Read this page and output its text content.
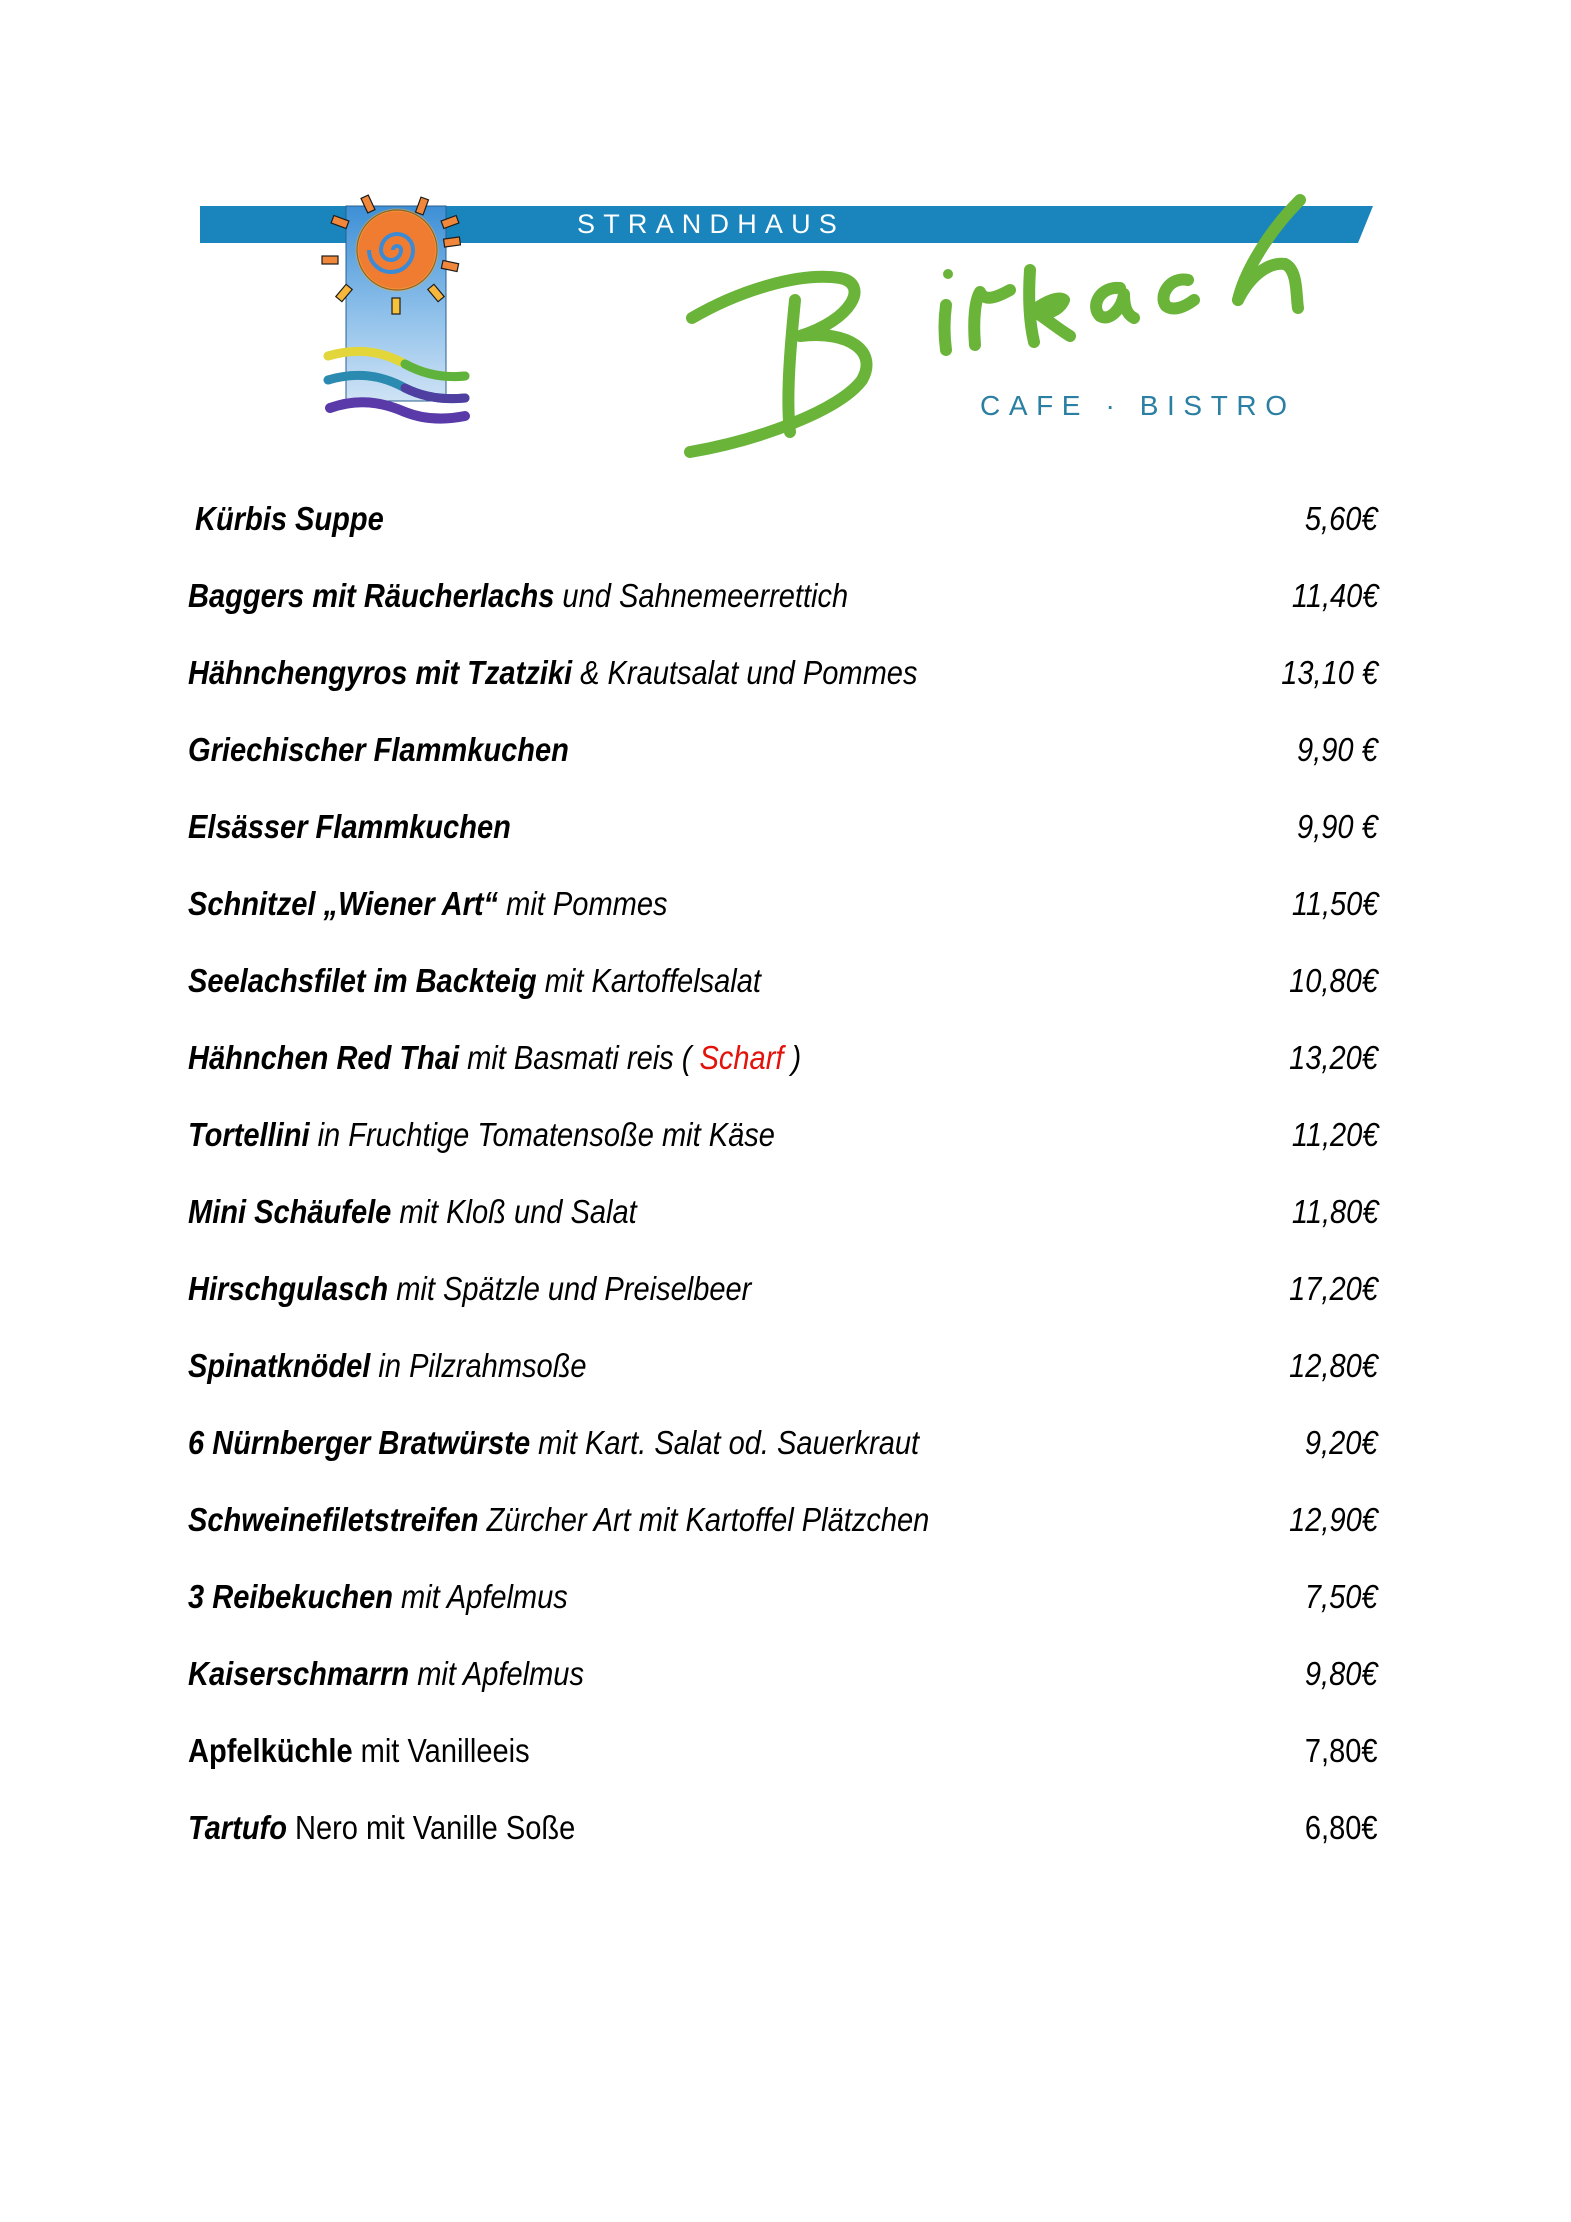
STRANDHAUS
CAFE · BISTRO
Kürbis Suppe	5,60€
Baggers mit Räucherlachs und Sahnemeerrettich	11,40€
Hähnchengyros mit Tzatziki & Krautsalat und Pommes	13,10 €
Griechischer Flammkuchen	9,90 €
Elsässer Flammkuchen	9,90 €
Schnitzel „Wiener Art“ mit Pommes	11,50€
Seelachsfilet im Backteig mit Kartoffelsalat	10,80€
Hähnchen Red Thai mit Basmati reis ( Scharf )	13,20€
Tortellini in Fruchtige Tomatensoße mit Käse	11,20€
Mini Schäufele mit Kloß und Salat	11,80€
Hirschgulasch mit Spätzle und Preiselbeer	17,20€
Spinatknödel in Pilzrahmsoße	12,80€
6 Nürnberger Bratwürste mit Kart. Salat od. Sauerkraut	9,20€
Schweinefiletstreifen Zürcher Art mit Kartoffel Plätzchen	12,90€
3 Reibekuchen mit Apfelmus	7,50€
Kaiserschmarrn mit Apfelmus	9,80€
Apfelküchle mit Vanilleeis	7,80€
Tartufo Nero mit Vanille Soße	6,80€
